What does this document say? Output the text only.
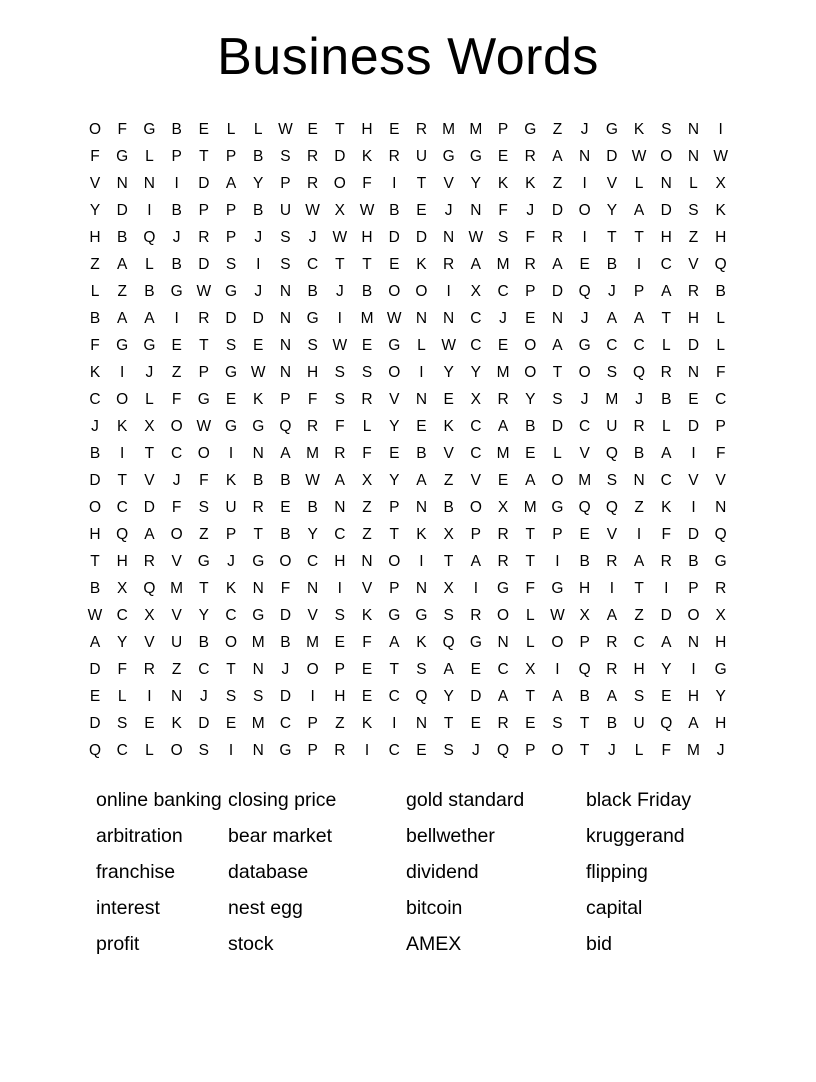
Business Words
O	F	G	B	E	L	L	W E	T	H	E	R M M	P	G	Z	J	G	K	S	N	I
F	G	L	P	T	P	B	S	R	D	K	R	U	G G	E	R	A	N	D W O	N W
V	N	N	I	D	A	Y	P	R	O	F	I	T	V	Y	K	K	Z	I	V	L	N	L	X
Y	D	I	B	P	P	B	U W X W B	E	J	N	F	J	D	O	Y	A	D	S	K
H	B	Q	J	R	P	J	S	J	W H	D	D	N W S	F	R	I	T	T	H	Z	H
Z	A	L	B	D	S	I	S	C	T	T	E	K	R	A	M R	A	E	B	I	C	V	Q
L	Z	B	G W G	J	N	B	J	B	O O	I	X	C	P	D	Q	J	P	A	R	B
B	A	A	I	R	D	D	N	G	I	M W N	N	C	J	E	N	J	A	A	T	H	L
F	G G	E	T	S	E	N	S W E	G	L	W C	E	O	A	G	C	C	L	D	L
K	I	J	Z	P	G W N	H	S	S	O	I	Y	Y	M O	T	O	S	Q	R	N	F
C	O	L	F	G	E	K	P	F	S	R	V	N	E	X	R	Y	S	J	M	J	B	E	C
J	K	X	O W G G Q	R	F	L	Y	E	K	C	A	B	D	C	U	R	L	D	P
B	I	T	C	O	I	N	A	M R	F	E	B	V	C M	E	L	V	Q	B	A	I	F
D	T	V	J	F	K	B	B W A	X	Y	A	Z	V	E	A	O M	S	N	C	V	V
O	C	D	F	S	U	R	E	B	N	Z	P	N	B	O	X	M G Q Q	Z	K	I	N
H	Q	A	O	Z	P	T	B	Y	C	Z	T	K	X	P	R	T	P	E	V	I	F	D	Q
T	H	R	V	G	J	G O	C	H	N	O	I	T	A	R	T	I	B	R	A	R	B	G
B	X	Q M	T	K	N	F	N	I	V	P	N	X	I	G	F	G	H	I	T	I	P	R
W C	X	V	Y	C	G	D	V	S	K	G G	S	R	O	L	W X	A	Z	D	O	X
A	Y	V	U	B	O M	B	M	E	F	A	K	Q G	N	L	O	P	R	C	A	N	H
D	F	R	Z	C	T	N	J	O	P	E	T	S	A	E	C	X	I	Q	R	H	Y	I	G
E	L	I	N	J	S	S	D	I	H	E	C	Q	Y	D	A	T	A	B	A	S	E	H	Y
D	S	E	K	D	E	M C	P	Z	K	I	N	T	E	R	E	S	T	B	U	Q	A	H
Q	C	L	O	S	I	N	G	P	R	I	C	E	S	J	Q	P	O	T	J	L	F	M	J
online banking
arbitration
franchise
interest
profit
closing price
bear market
database
nest egg
stock
gold standard
bellwether
dividend
bitcoin
AMEX
black Friday
kruggerand
flipping
capital
bid
